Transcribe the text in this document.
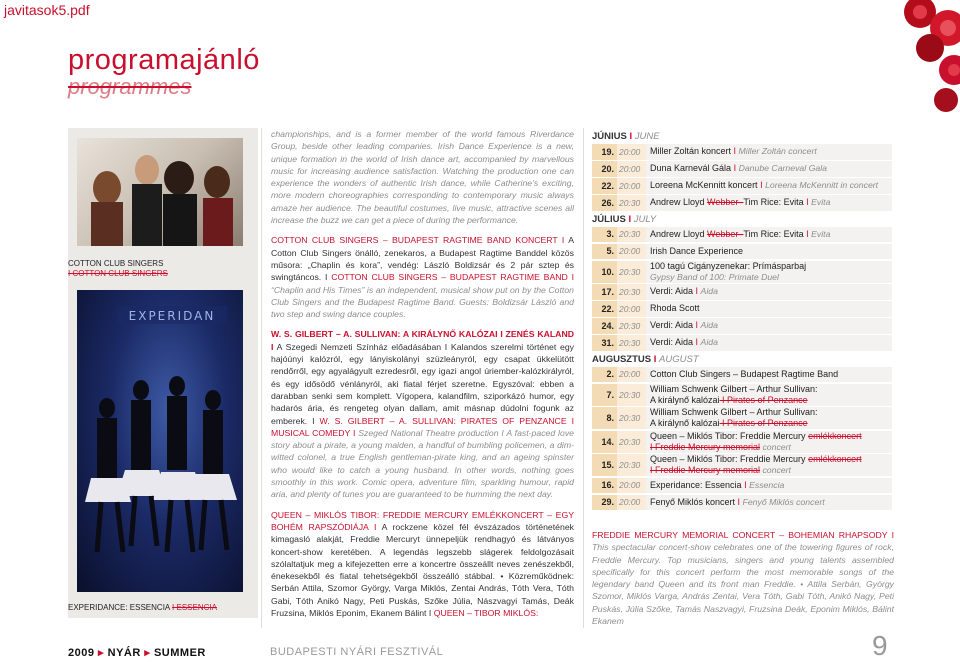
javitasok5.pdf
programajánló
programmes
COTTON CLUB SINGERS
I COTTON CLUB SINGERS
EXPERIDAN
EXPERIDANCE: ESSENCIA I ESSENCIA

championships, and is a former member of the world famous Riverdance Group, beside other leading companies. Irish Dance Experience is a new, unique formation in the world of Irish dance art, accompanied by marvellous music for increasing audience satisfaction. Watching the production one can experience the wonders of authentic Irish dance, while Catherine’s exciting, more modern choreographies corresponding to contemporary music always amaze her audience. The beautiful costumes, live music, attractive scenes all increase the buzz we can get a piece of during the performance.

COTTON CLUB SINGERS – BUDAPEST RAGTIME BAND KONCERT I A Cotton Club Singers önálló, zenekaros, a Budapest Ragtime Banddel közös műsora: „Chaplin és kora”, vendég: László Boldizsár és 2 pár sztep és swingtáncos. I COTTON CLUB SINGERS – BUDAPEST RAGTIME BAND I “Chaplin and His Times” is an independent, musical show put on by the Cotton Club Singers and the Budapest Ragtime Band. Guests: Boldizsár László and two step and swing dance couples.

W. S. GILBERT – A. SULLIVAN: A KIRÁLYNŐ KALÓZAI I ZENÉS KALAND I A Szegedi Nemzeti Színház előadásában I Kalandos szerelmi történet egy hajóúnyi kalózról, egy lányiskolányi szüzleányról, egy csapat ükkelütött rendőrről, egy agyalágyult ezredesről, egy igazi angol úriember-kalózkirályról, és egy idősödő vénlányról, aki fiatal férjet szeretne. Egyszóval: ebben a darabban senki sem komplett. Vígopera, kalandfilm, sziporkázó humor, egy hadarós ária, és rengeteg olyan dallam, amit másnap dúdolni fogunk az emberek. I W. S. GILBERT – A. SULLIVAN: PIRATES OF PENZANCE I MUSICAL COMEDY I Szeged National Theatre production I A fast-paced love story about a pirate, a young maiden, a handful of bumbling policemen, a dim-witted colonel, a true English gentleman-pirate king, and an ageing spinster who would like to catch a young husband. In other words, nothing goes smoothly in this work. Comic opera, adventure film, sparkling humour, rapid aria, and plenty of tunes you are guaranteed to be humming the next day.

QUEEN – MIKLÓS TIBOR: FREDDIE MERCURY EMLÉKKONCERT – EGY BOHÉM RAPSZÓDIÁJA I A rockzene közel fél évszázados történetének kimagasló alakját, Freddie Mercuryt ünnepeljük rendhagyó és látványos koncert-show keretében. A legendás legszebb slágerek feldolgozásait szólaltatjuk meg a kifejezetten erre a koncertre összeállt neves zenészekből, énekesekből és fiatal tehetségekből összeálló stábbal. • Közreműködnek: Serbán Attila, Szomor György, Varga Miklós, Zentai András, Tóth Vera, Tóth Gabi, Tóth Anikó Nagy, Peti Puskás, Szőke Júlia, Nászvagyi Tamás, Deák Fruzsina, Miklós Eponim, Ekanem Bálint I QUEEN – TIBOR MIKLÓS:

JÚNIUS I JUNE
19. 20:00	Miller Zoltán koncert I Miller Zoltán concert
20. 20:00	Duna Karnevál Gála I Danube Carneval Gala
22. 20:00	Loreena McKennitt koncert I Loreena McKennitt in concert
26. 20:30	Andrew Lloyd Webber–Tim Rice: Evita I Evita
JÚLIUS I JULY
3. 20:30	Andrew Lloyd Webber–Tim Rice: Evita I Evita
5. 20:00	Irish Dance Experience
10. 20:30
100 tagú Cigányzenekar: Prímásparbaj
Gypsy Band of 100: Primate Duel
17. 20:30	Verdi: Aida I Aida
22. 20:00	Rhoda Scott
24. 20:30	Verdi: Aida I Aida
31. 20:30	Verdi: Aida I Aida
AUGUSZTUS I AUGUST
2. 20:00	Cotton Club Singers – Budapest Ragtime Band
7. 20:30
William Schwenk Gilbert – Arthur Sullivan:
A királynő kalózai I Pirates of Penzance
8. 20:30
William Schwenk Gilbert – Arthur Sullivan:
A királynő kalózai I Pirates of Penzance
14. 20:30
Queen – Miklós Tibor: Freddie Mercury emlékkoncert
I Freddie Mercury memorial concert
15. 20:30
Queen – Miklós Tibor: Freddie Mercury emlékkoncert
I Freddie Mercury memorial concert
16. 20:00	Experidance: Essencia I Essencia
29. 20:00	Fenyő Miklós koncert I Fenyő Miklós concert
FREDDIE MERCURY MEMORIAL CONCERT – BOHEMIAN RHAPSODY I This spectacular concert-show celebrates one of the towering figures of rock, Freddie Mercury. Top musicians, singers and young talents assembled specifically for this concert perform the most memorable songs of the legendary band Queen and its front man Freddie. • Attila Serbán, György Szomor, Miklós Varga, András Zentai, Vera Tóth, Gabi Tóth, Anikó Nagy, Peti Puskás, Júlia Szőke, Tamás Naszvagyi, Fruzsina Deák, Eponim Miklós, Bálint Ekanem
2009 ▸ NYÁR ▸ SUMMER	BUDAPESTI NYÁRI FESZTIVÁL	9
